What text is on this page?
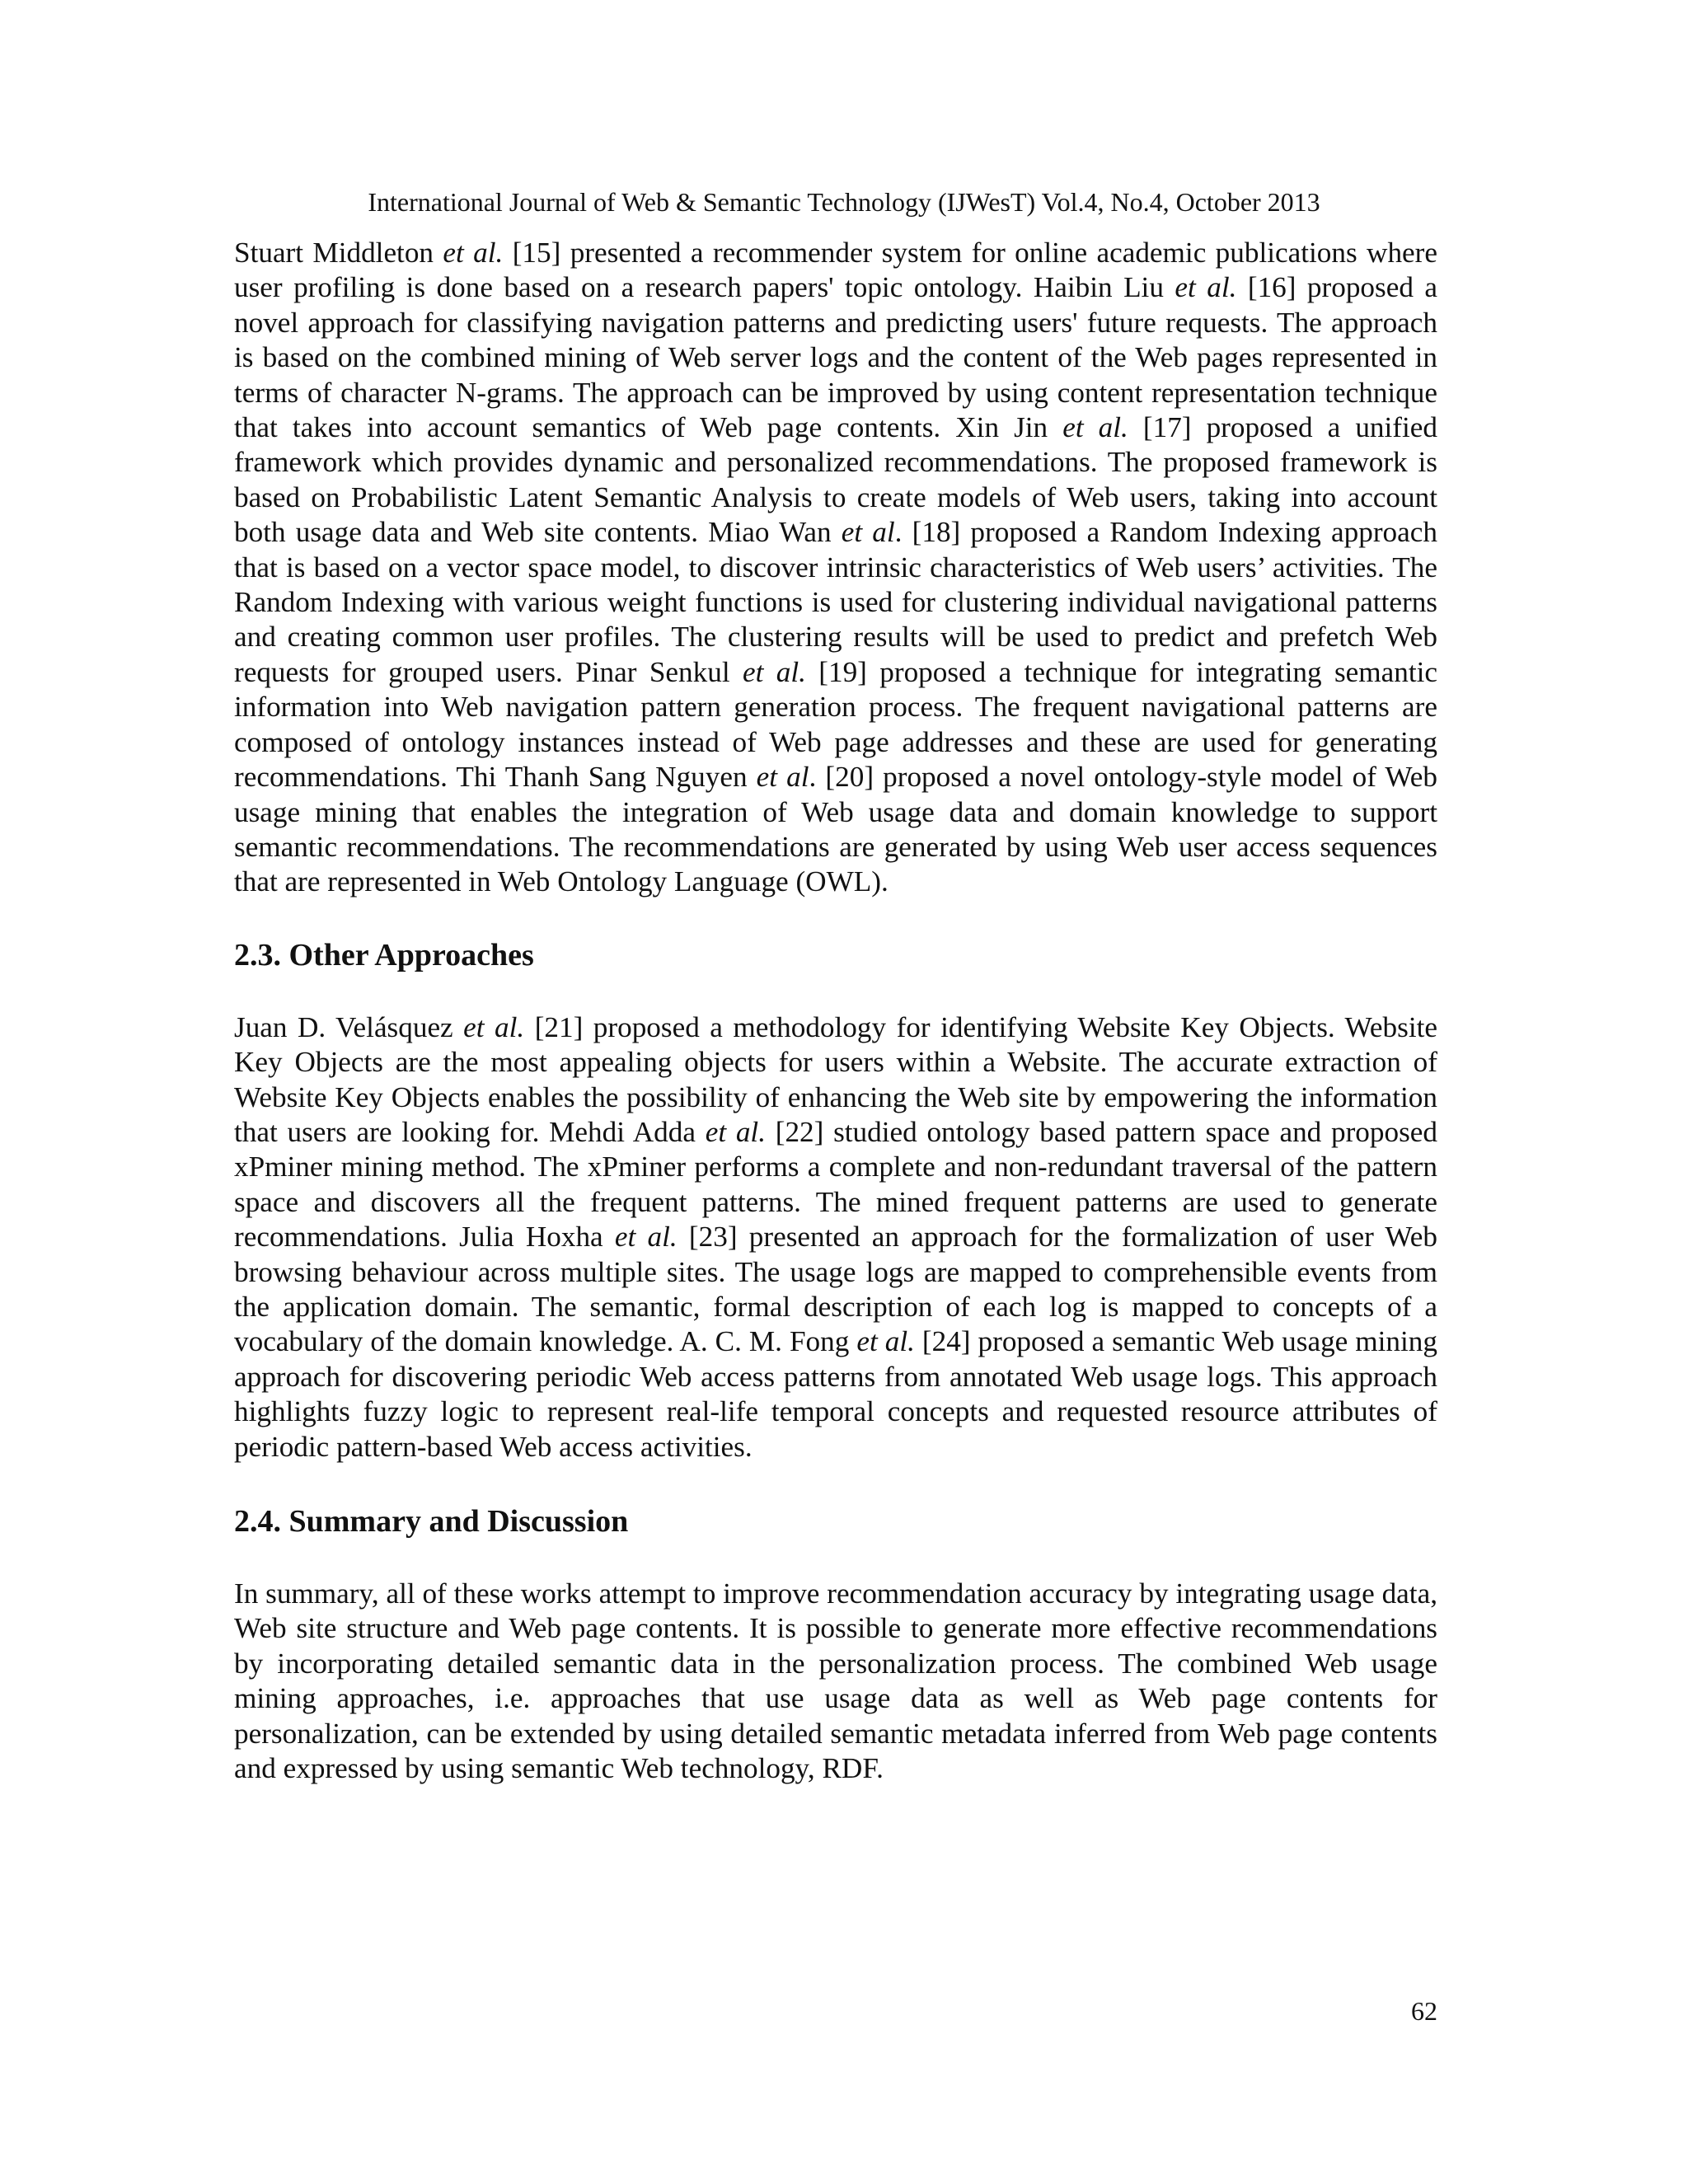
International Journal of Web & Semantic Technology (IJWesT) Vol.4, No.4, October 2013

Stuart Middleton et al. [15] presented a recommender system for online academic publications where user profiling is done based on a research papers' topic ontology. Haibin Liu et al. [16] proposed a novel approach for classifying navigation patterns and predicting users' future requests. The approach is based on the combined mining of Web server logs and the content of the Web pages represented in terms of character N-grams. The approach can be improved by using content representation technique that takes into account semantics of Web page contents. Xin Jin et al. [17] proposed a unified framework which provides dynamic and personalized recommendations. The proposed framework is based on Probabilistic Latent Semantic Analysis to create models of Web users, taking into account both usage data and Web site contents. Miao Wan et al. [18] proposed a Random Indexing approach that is based on a vector space model, to discover intrinsic characteristics of Web users’ activities. The Random Indexing with various weight functions is used for clustering individual navigational patterns and creating common user profiles. The clustering results will be used to predict and prefetch Web requests for grouped users. Pinar Senkul et al. [19] proposed a technique for integrating semantic information into Web navigation pattern generation process. The frequent navigational patterns are composed of ontology instances instead of Web page addresses and these are used for generating recommendations. Thi Thanh Sang Nguyen et al. [20] proposed a novel ontology-style model of Web usage mining that enables the integration of Web usage data and domain knowledge to support semantic recommendations. The recommendations are generated by using Web user access sequences that are represented in Web Ontology Language (OWL).

2.3. Other Approaches

Juan D. Velásquez et al. [21] proposed a methodology for identifying Website Key Objects. Website Key Objects are the most appealing objects for users within a Website. The accurate extraction of Website Key Objects enables the possibility of enhancing the Web site by empowering the information that users are looking for. Mehdi Adda et al. [22] studied ontology based pattern space and proposed xPminer mining method. The xPminer performs a complete and non-redundant traversal of the pattern space and discovers all the frequent patterns. The mined frequent patterns are used to generate recommendations. Julia Hoxha et al. [23] presented an approach for the formalization of user Web browsing behaviour across multiple sites. The usage logs are mapped to comprehensible events from the application domain. The semantic, formal description of each log is mapped to concepts of a vocabulary of the domain knowledge. A. C. M. Fong et al. [24] proposed a semantic Web usage mining approach for discovering periodic Web access patterns from annotated Web usage logs. This approach highlights fuzzy logic to represent real-life temporal concepts and requested resource attributes of periodic pattern-based Web access activities.

2.4. Summary and Discussion

In summary, all of these works attempt to improve recommendation accuracy by integrating usage data, Web site structure and Web page contents. It is possible to generate more effective recommendations by incorporating detailed semantic data in the personalization process. The combined Web usage mining approaches, i.e. approaches that use usage data as well as Web page contents for personalization, can be extended by using detailed semantic metadata inferred from Web page contents and expressed by using semantic Web technology, RDF.

62
